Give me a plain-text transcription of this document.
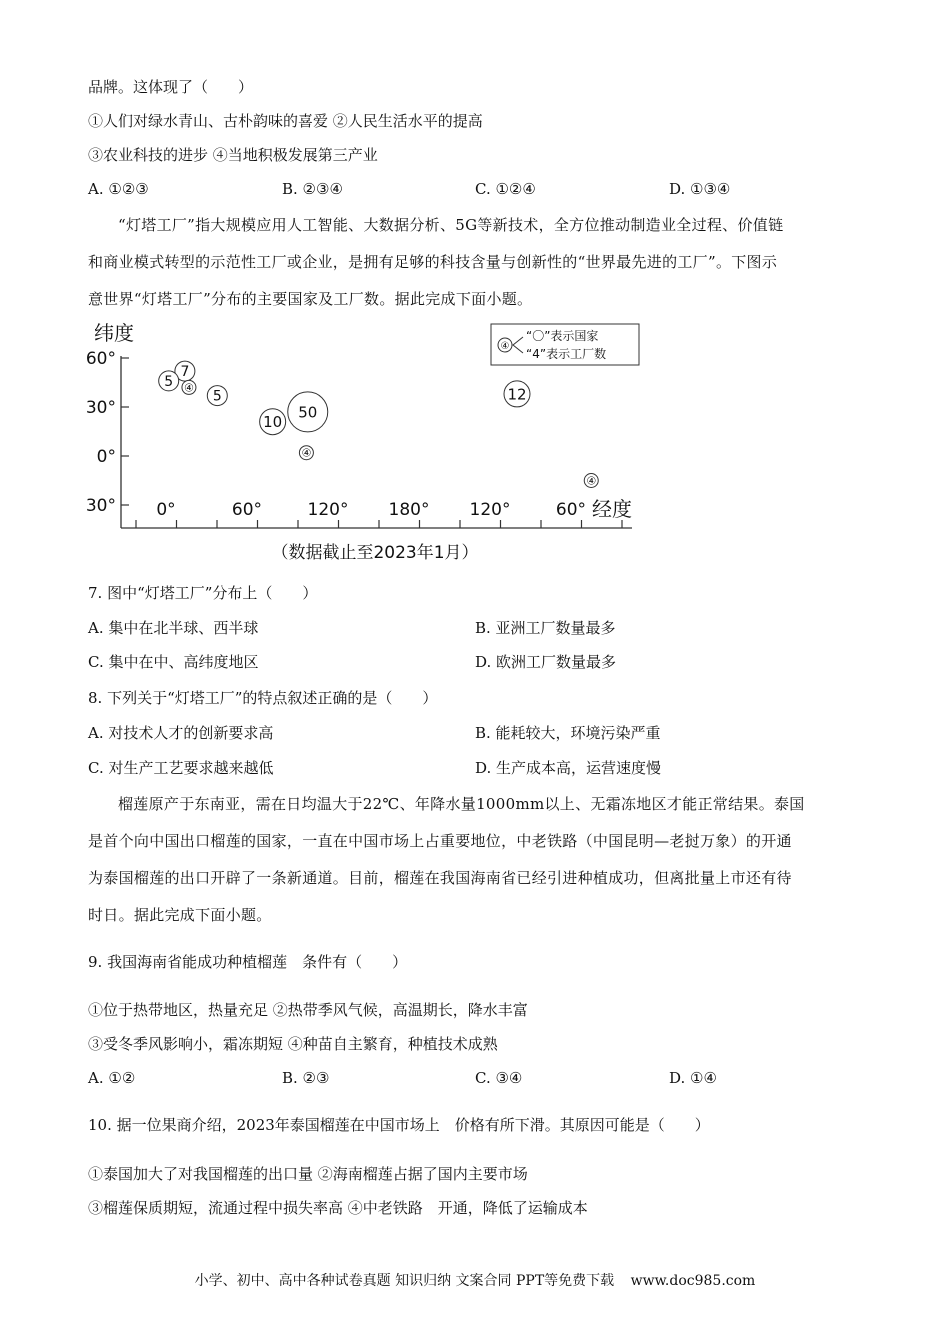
品牌。这体现了（　　）
①人们对绿水青山、古朴韵味的喜爱 ②人民生活水平的提高
③农业科技的进步 ④当地积极发展第三产业
A. ①②③	B. ②③④	C. ①②④	D. ①③④
“灯塔工厂”指大规模应用人工智能、大数据分析、5G等新技术，全方位推动制造业全过程、价值链
和商业模式转型的示范性工厂或企业，是拥有足够的科技含量与创新性的“世界最先进的工厂”。下图示
意世界“灯塔工厂”分布的主要国家及工厂数。据此完成下面小题。
纬度
60°
30°
0°
30° 0°	60°	120° 180° 120°	60° 经度
7
5 ④
5
10
50
④
12
④
④
“〇”表示国家
“4”表示工厂数
（数据截止至2023年1月）
7. 图中“灯塔工厂”分布上（　　）
A. 集中在北半球、西半球	B. 亚洲工厂数量最多
C. 集中在中、高纬度地区	D. 欧洲工厂数量最多
8. 下列关于“灯塔工厂”的特点叙述正确的是（　　）
A. 对技术人才的创新要求高	B. 能耗较大，环境污染严重
C. 对生产工艺要求越来越低	D. 生产成本高，运营速度慢
榴莲原产于东南亚，需在日均温大于22℃、年降水量1000mm以上、无霜冻地区才能正常结果。泰国
是首个向中国出口榴莲的国家，一直在中国市场上占重要地位，中老铁路（中国昆明—老挝万象）的开通
为泰国榴莲的出口开辟了一条新通道。目前，榴莲在我国海南省已经引进种植成功，但离批量上市还有待
时日。据此完成下面小题。
9. 我国海南省能成功种植榴莲　条件有（　　）
①位于热带地区，热量充足 ②热带季风气候，高温期长，降水丰富
③受冬季风影响小，霜冻期短 ④种苗自主繁育，种植技术成熟
A. ①②	B. ②③	C. ③④	D. ①④
10. 据一位果商介绍，2023年泰国榴莲在中国市场上　价格有所下滑。其原因可能是（　　）
①泰国加大了对我国榴莲的出口量 ②海南榴莲占据了国内主要市场
③榴莲保质期短，流通过程中损失率高 ④中老铁路　开通，降低了运输成本
小学、初中、高中各种试卷真题 知识归纳 文案合同 PPT等免费下载 www.doc985.com
